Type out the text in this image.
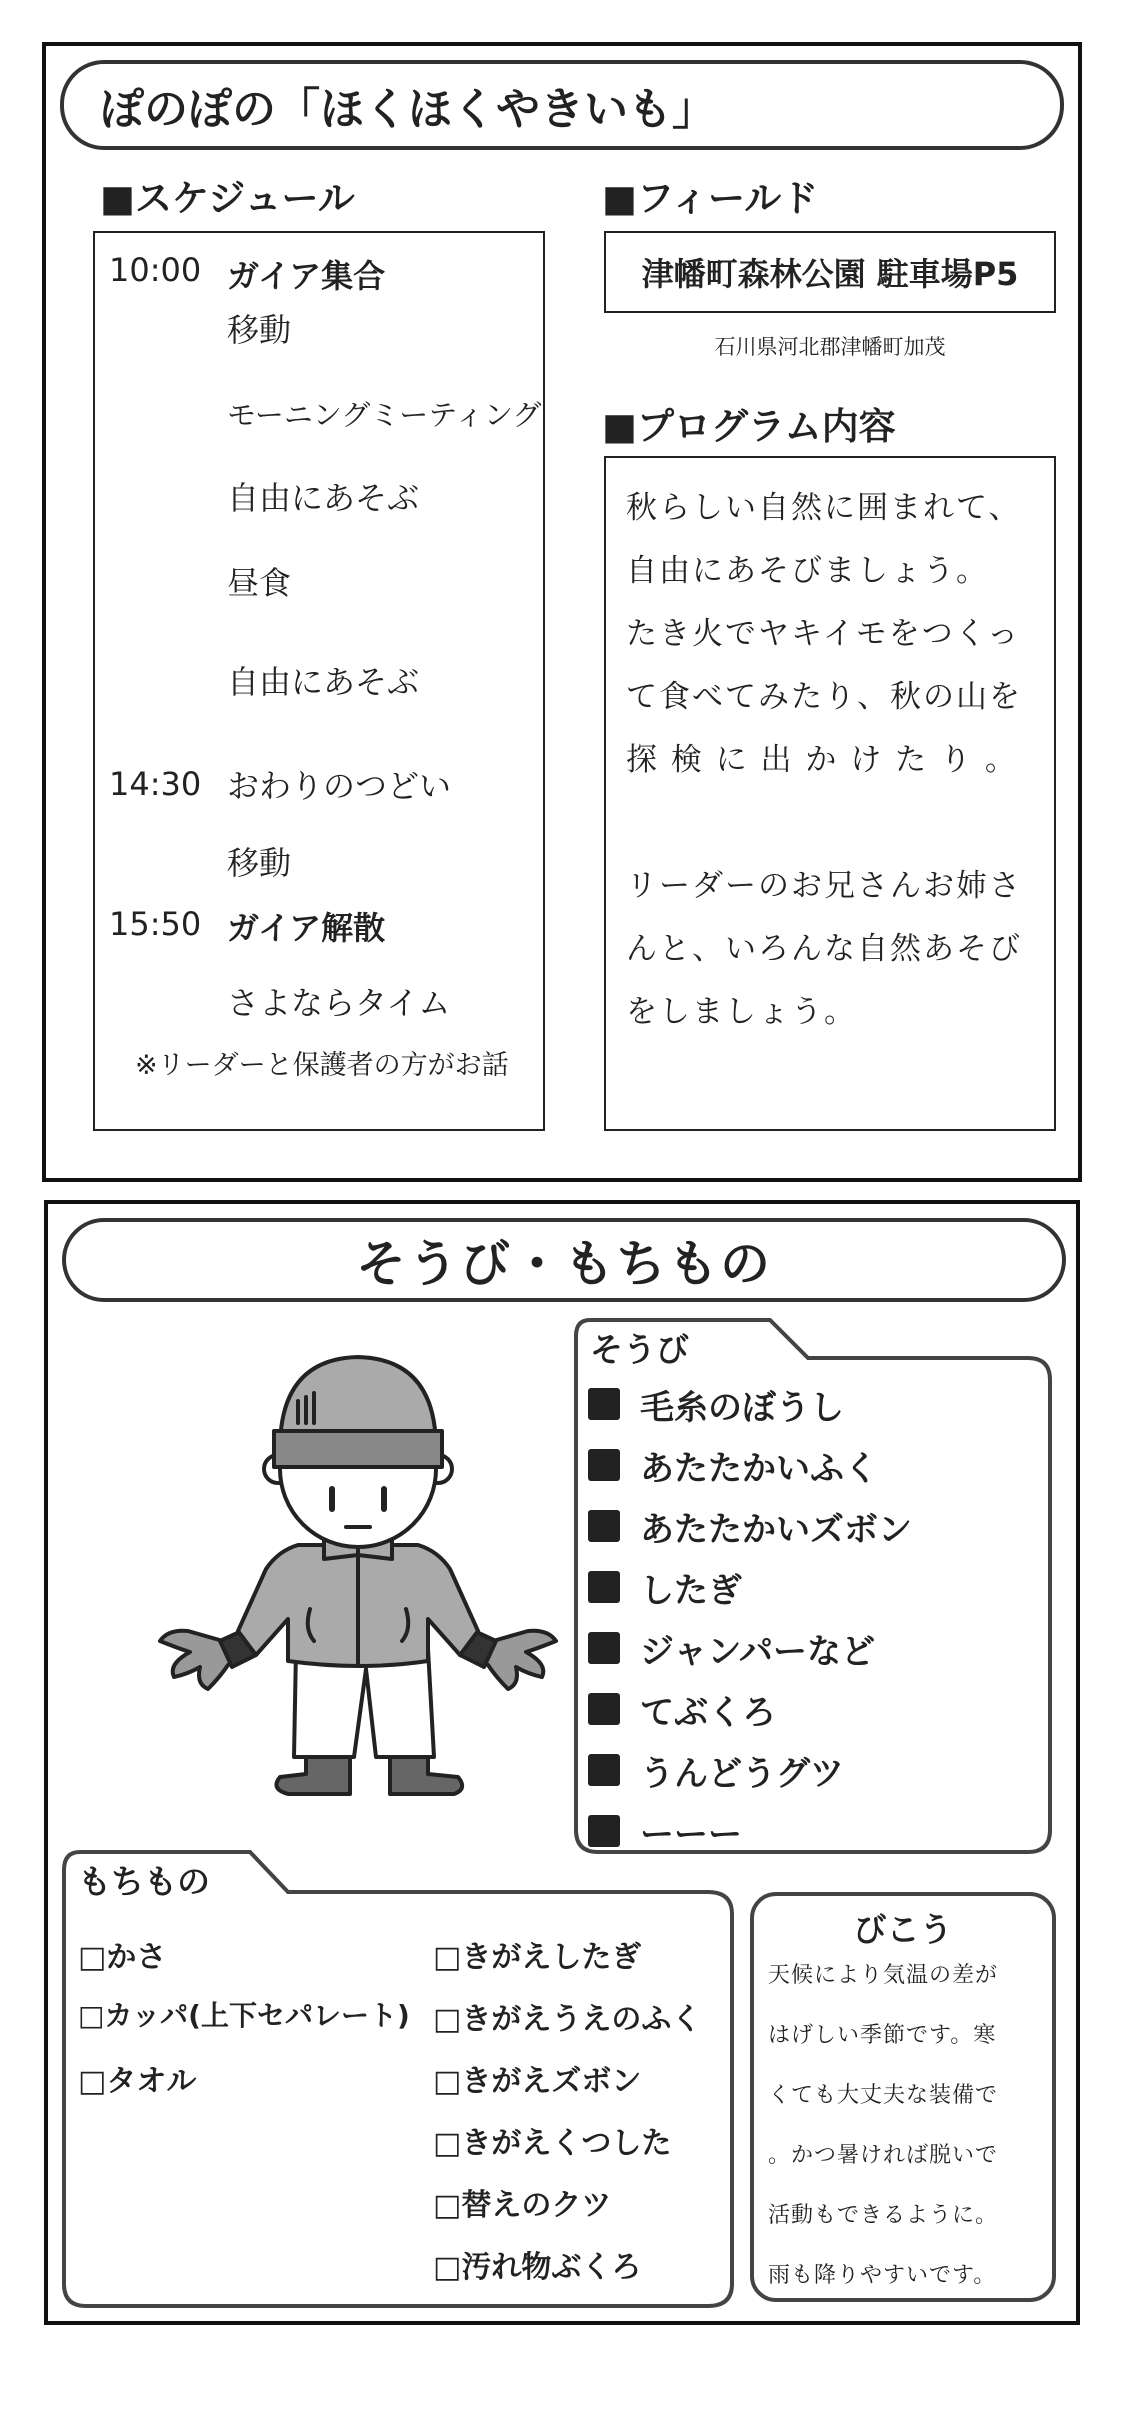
ぽのぽの「ほくほくやきいも」
■スケジュール
10:00 ガイア集合
移動
モーニングミーティング
自由にあそぶ
昼食
自由にあそぶ
14:30 おわりのつどい
移動
15:50 ガイア解散
さよならタイム
※リーダーと保護者の方がお話
■フィールド
津幡町森林公園 駐車場P5
石川県河北郡津幡町加茂
■プログラム内容
秋らしい自然に囲まれて、
自由にあそびましょう。
たき火でヤキイモをつくっ
て食べてみたり、秋の山を
探 検 に 出 か け た り 。
リーダーのお兄さんお姉さ
んと、いろんな自然あそび
をしましょう。
そうび・もちもの
そうび
毛糸のぼうし
あたたかいふく
あたたかいズボン
したぎ
ジャンパーなど
てぶくろ
うんどうグツ
ーーー
もちもの
□かさ
□カッパ(上下セパレート)
□タオル
□きがえしたぎ
□きがえうえのふく
□きがえズボン
□きがえくつした
□替えのクツ
□汚れ物ぶくろ
びこう
天候により気温の差が
はげしい季節です。寒
くても大丈夫な装備で
。かつ暑ければ脱いで
活動もできるように。
雨も降りやすいです。
